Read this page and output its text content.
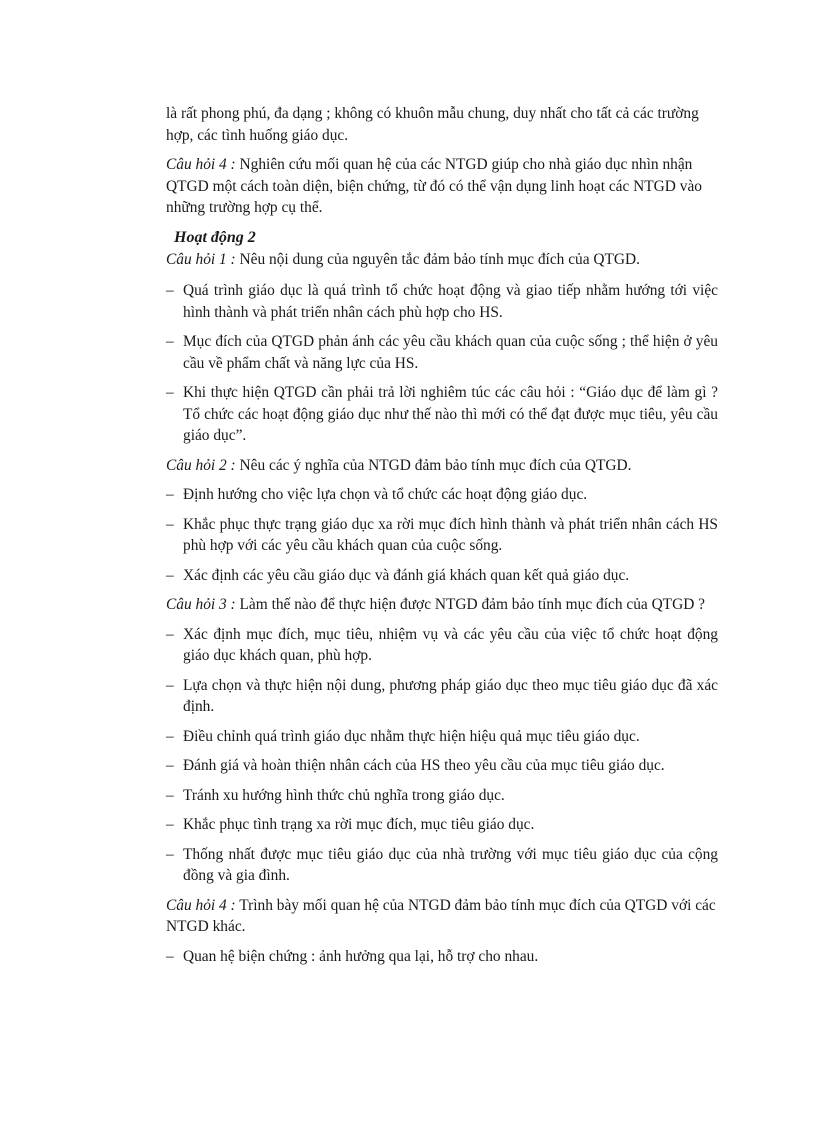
là rất phong phú, đa dạng ; không có khuôn mẫu chung, duy nhất cho tất cả các trường hợp, các tình huống giáo dục.

Câu hỏi 4 : Nghiên cứu mối quan hệ của các NTGD giúp cho nhà giáo dục nhìn nhận QTGD một cách toàn diện, biện chứng, từ đó có thể vận dụng linh hoạt các NTGD vào những trường hợp cụ thể.

Hoạt động 2

Câu hỏi 1 : Nêu nội dung của nguyên tắc đảm bảo tính mục đích của QTGD.

– Quá trình giáo dục là quá trình tổ chức hoạt động và giao tiếp nhằm hướng tới việc hình thành và phát triển nhân cách phù hợp cho HS.
– Mục đích của QTGD phản ánh các yêu cầu khách quan của cuộc sống ; thể hiện ở yêu cầu về phẩm chất và năng lực của HS.
– Khi thực hiện QTGD cần phải trả lời nghiêm túc các câu hỏi : “Giáo dục để làm gì ? Tổ chức các hoạt động giáo dục như thế nào thì mới có thể đạt được mục tiêu, yêu cầu giáo dục”.

Câu hỏi 2 : Nêu các ý nghĩa của NTGD đảm bảo tính mục đích của QTGD.

– Định hướng cho việc lựa chọn và tổ chức các hoạt động giáo dục.
– Khắc phục thực trạng giáo dục xa rời mục đích hình thành và phát triển nhân cách HS phù hợp với các yêu cầu khách quan của cuộc sống.
– Xác định các yêu cầu giáo dục và đánh giá khách quan kết quả giáo dục.

Câu hỏi 3 : Làm thế nào để thực hiện được NTGD đảm bảo tính mục đích của QTGD ?

– Xác định mục đích, mục tiêu, nhiệm vụ và các yêu cầu của việc tổ chức hoạt động giáo dục khách quan, phù hợp.
– Lựa chọn và thực hiện nội dung, phương pháp giáo dục theo mục tiêu giáo dục đã xác định.
– Điều chỉnh quá trình giáo dục nhằm thực hiện hiệu quả mục tiêu giáo dục.
– Đánh giá và hoàn thiện nhân cách của HS theo yêu cầu của mục tiêu giáo dục.
– Tránh xu hướng hình thức chủ nghĩa trong giáo dục.
– Khắc phục tình trạng xa rời mục đích, mục tiêu giáo dục.
– Thống nhất được mục tiêu giáo dục của nhà trường với mục tiêu giáo dục của cộng đồng và gia đình.

Câu hỏi 4 : Trình bày mối quan hệ của NTGD đảm bảo tính mục đích của QTGD với các NTGD khác.

– Quan hệ biện chứng : ảnh hưởng qua lại, hỗ trợ cho nhau.
